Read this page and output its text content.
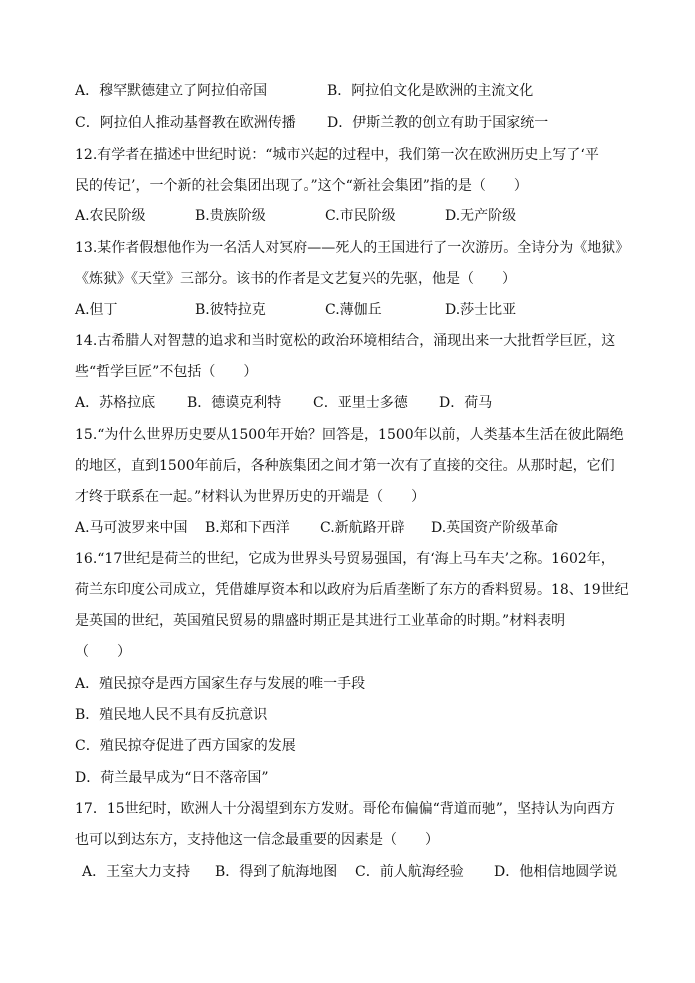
A．穆罕默德建立了阿拉伯帝国	B．阿拉伯文化是欧洲的主流文化
C．阿拉伯人推动基督教在欧洲传播 D．伊斯兰教的创立有助于国家统一
12.有学者在描述中世纪时说：“城市兴起的过程中，我们第一次在欧洲历史上写了‘平
民的传记’，一个新的社会集团出现了。”这个“新社会集团”指的是（　　）
A.农民阶级	B.贵族阶级	C.市民阶级	D.无产阶级
13.某作者假想他作为一名活人对冥府——死人的王国进行了一次游历。全诗分为《地狱》
《炼狱》《天堂》三部分。该书的作者是文艺复兴的先驱，他是（　　）
A.但丁	B.彼特拉克	C.薄伽丘	D.莎士比亚
14.古希腊人对智慧的追求和当时宽松的政治环境相结合，涌现出来一大批哲学巨匠，这
些“哲学巨匠”不包括（　　）
A．苏格拉底 B．德谟克利特 C．亚里士多德 D．荷马
15.“为什么世界历史要从1500年开始？回答是，1500年以前，人类基本生活在彼此隔绝
的地区，直到1500年前后，各种族集团之间才第一次有了直接的交往。从那时起，它们
才终于联系在一起。”材料认为世界历史的开端是（　　）
A.马可波罗来中国 B.郑和下西洋 C.新航路开辟 D.英国资产阶级革命
16.“17世纪是荷兰的世纪，它成为世界头号贸易强国，有‘海上马车夫’之称。1602年，
荷兰东印度公司成立，凭借雄厚资本和以政府为后盾垄断了东方的香料贸易。18、19世纪
是英国的世纪，英国殖民贸易的鼎盛时期正是其进行工业革命的时期。”材料表明
（　　）
A．殖民掠夺是西方国家生存与发展的唯一手段
B．殖民地人民不具有反抗意识
C．殖民掠夺促进了西方国家的发展
D．荷兰最早成为“日不落帝国”
17．15世纪时，欧洲人十分渴望到东方发财。哥伦布偏偏“背道而驰”，坚持认为向西方
也可以到达东方，支持他这一信念最重要的因素是（　　）
A．王室大力支持 B．得到了航海地图 C．前人航海经验 D．他相信地圆学说
